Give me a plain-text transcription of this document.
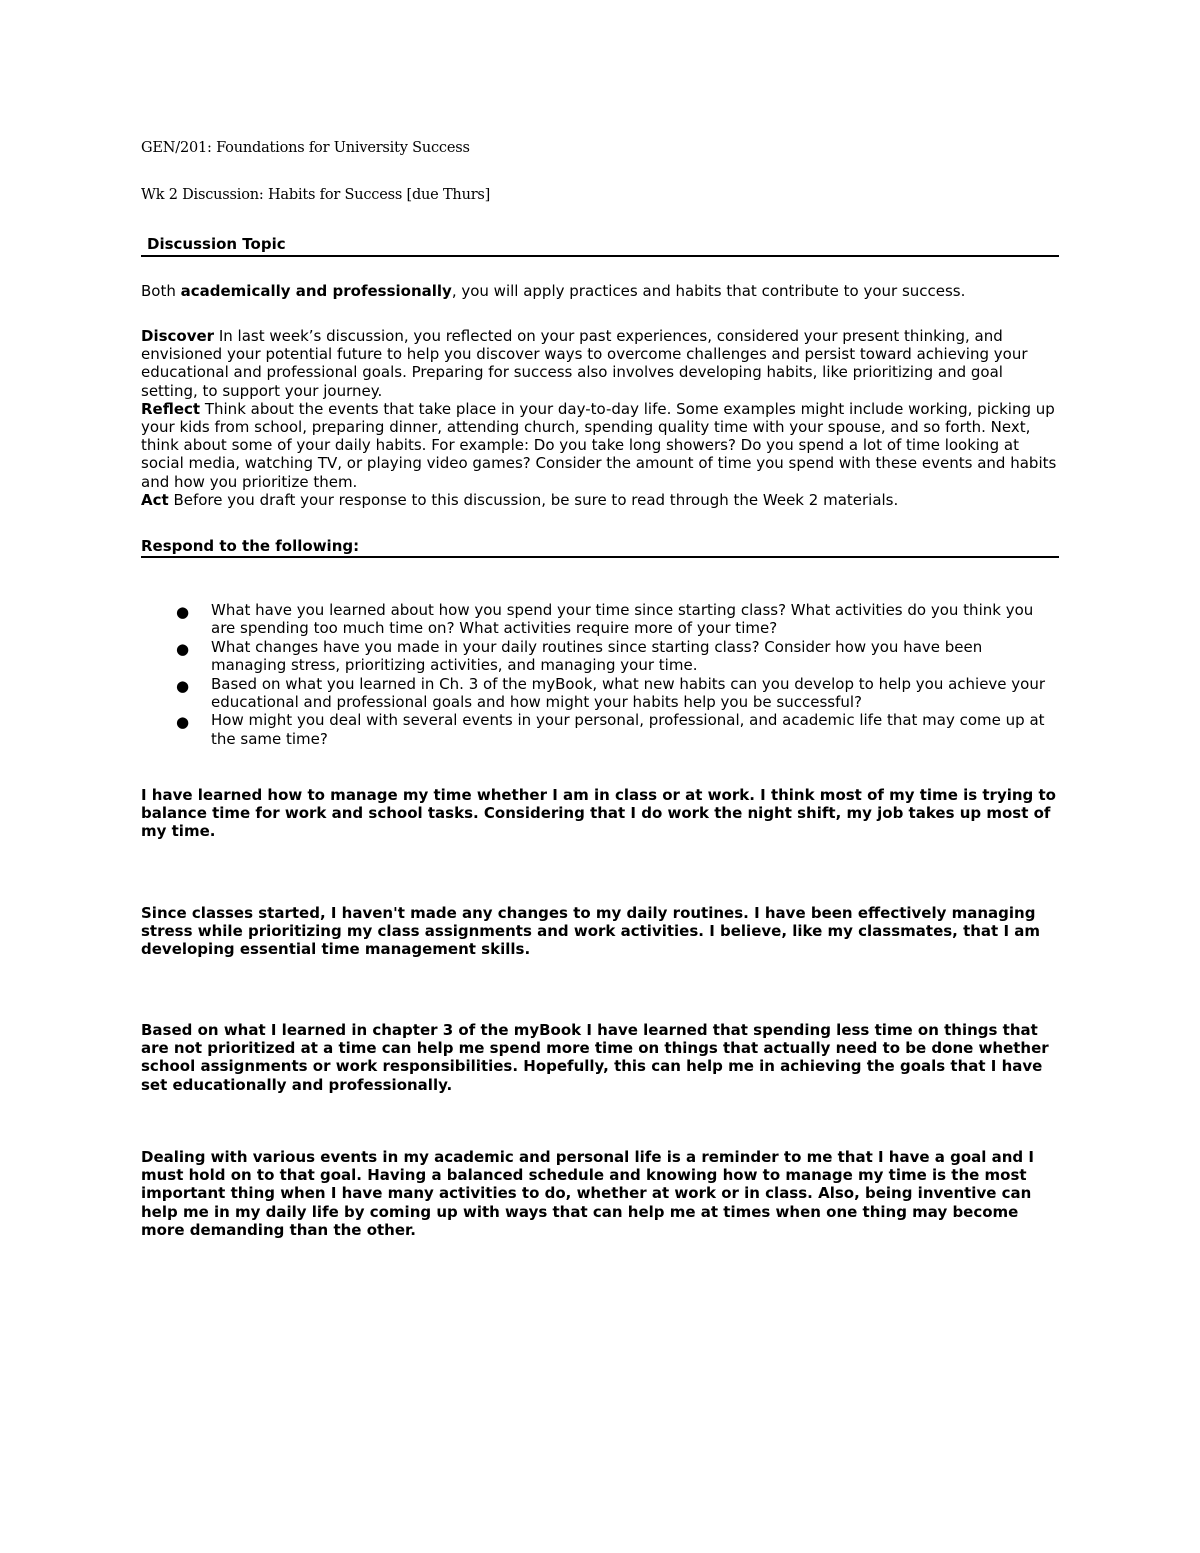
GEN/201: Foundations for University Success
Wk 2 Discussion: Habits for Success [due Thurs]
Discussion Topic
Both academically and professionally, you will apply practices and habits that contribute to your success.

Discover In last week’s discussion, you reflected on your past experiences, considered your present thinking, and envisioned your potential future to help you discover ways to overcome challenges and persist toward achieving your educational and professional goals. Preparing for success also involves developing habits, like prioritizing and goal setting, to support your journey.

Reflect Think about the events that take place in your day-to-day life. Some examples might include working, picking up your kids from school, preparing dinner, attending church, spending quality time with your spouse, and so forth. Next, think about some of your daily habits. For example: Do you take long showers? Do you spend a lot of time looking at social media, watching TV, or playing video games? Consider the amount of time you spend with these events and habits and how you prioritize them.

Act Before you draft your response to this discussion, be sure to read through the Week 2 materials.

Respond to the following:
● What have you learned about how you spend your time since starting class? What activities do you think you are spending too much time on? What activities require more of your time?
● What changes have you made in your daily routines since starting class? Consider how you have been managing stress, prioritizing activities, and managing your time.
● Based on what you learned in Ch. 3 of the myBook, what new habits can you develop to help you achieve your educational and professional goals and how might your habits help you be successful?
● How might you deal with several events in your personal, professional, and academic life that may come up at the same time?

I have learned how to manage my time whether I am in class or at work. I think most of my time is trying to balance time for work and school tasks. Considering that I do work the night shift, my job takes up most of my time.

Since classes started, I haven't made any changes to my daily routines. I have been effectively managing stress while prioritizing my class assignments and work activities. I believe, like my classmates, that I am developing essential time management skills.

Based on what I learned in chapter 3 of the myBook I have learned that spending less time on things that are not prioritized at a time can help me spend more time on things that actually need to be done whether school assignments or work responsibilities. Hopefully, this can help me in achieving the goals that I have set educationally and professionally.

Dealing with various events in my academic and personal life is a reminder to me that I have a goal and I must hold on to that goal. Having a balanced schedule and knowing how to manage my time is the most important thing when I have many activities to do, whether at work or in class. Also, being inventive can help me in my daily life by coming up with ways that can help me at times when one thing may become more demanding than the other.
